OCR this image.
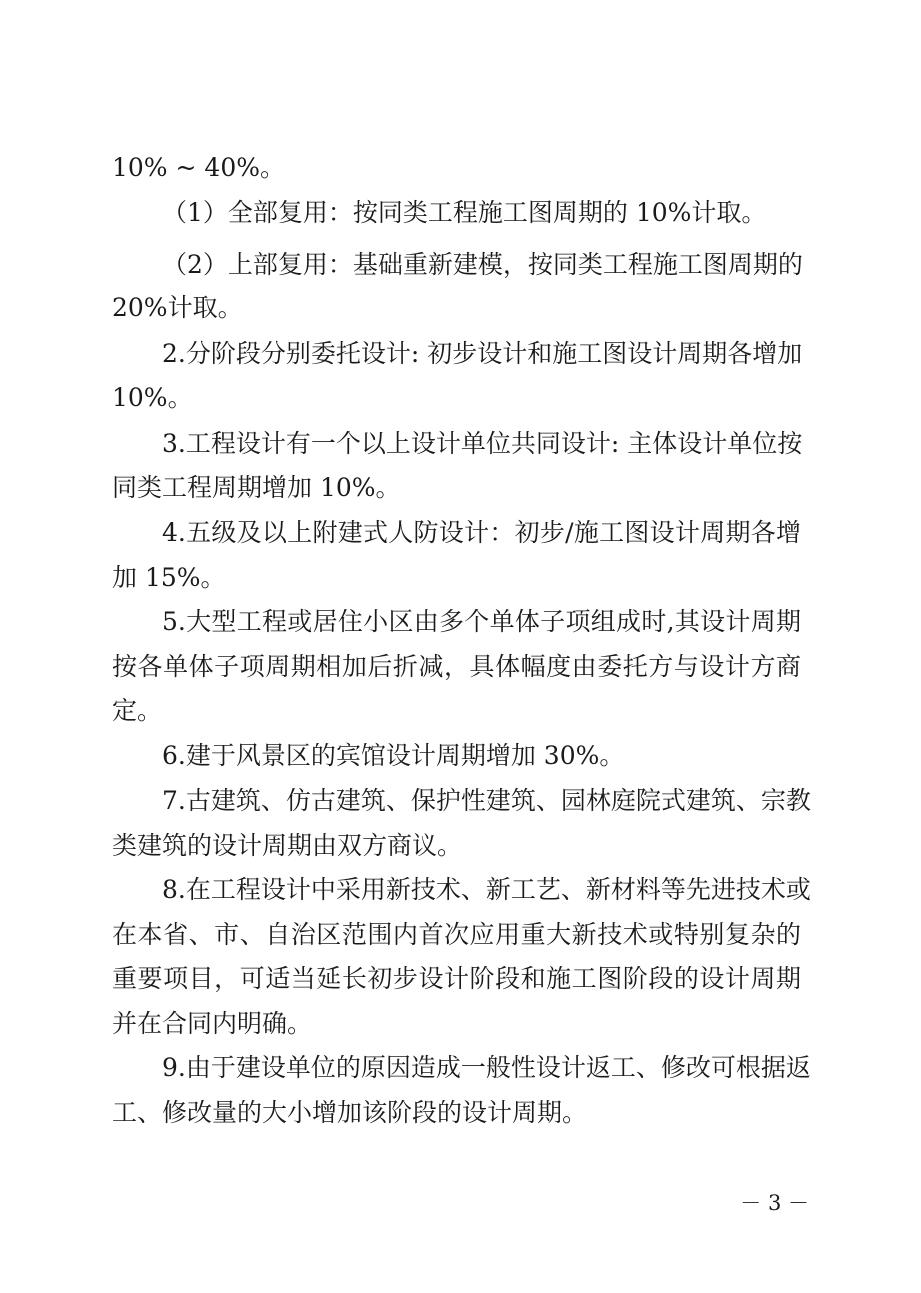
10% ~ 40%。
（1）全部复用：按同类工程施工图周期的 10%计取。
（2）上部复用：基础重新建模，按同类工程施工图周期的
20%计取。
2.分阶段分别委托设计: 初步设计和施工图设计周期各增加
10%。
3.工程设计有一个以上设计单位共同设计: 主体设计单位按
同类工程周期增加 10%。
4.五级及以上附建式人防设计：初步/施工图设计周期各增
加 15%。
5.大型工程或居住小区由多个单体子项组成时,其设计周期
按各单体子项周期相加后折减，具体幅度由委托方与设计方商
定。
6.建于风景区的宾馆设计周期增加 30%。
7.古建筑、仿古建筑、保护性建筑、园林庭院式建筑、宗教
类建筑的设计周期由双方商议。
8.在工程设计中采用新技术、新工艺、新材料等先进技术或
在本省、市、自治区范围内首次应用重大新技术或特别复杂的
重要项目，可适当延长初步设计阶段和施工图阶段的设计周期
并在合同内明确。
9.由于建设单位的原因造成一般性设计返工、修改可根据返
工、修改量的大小增加该阶段的设计周期。
－ 3 －
